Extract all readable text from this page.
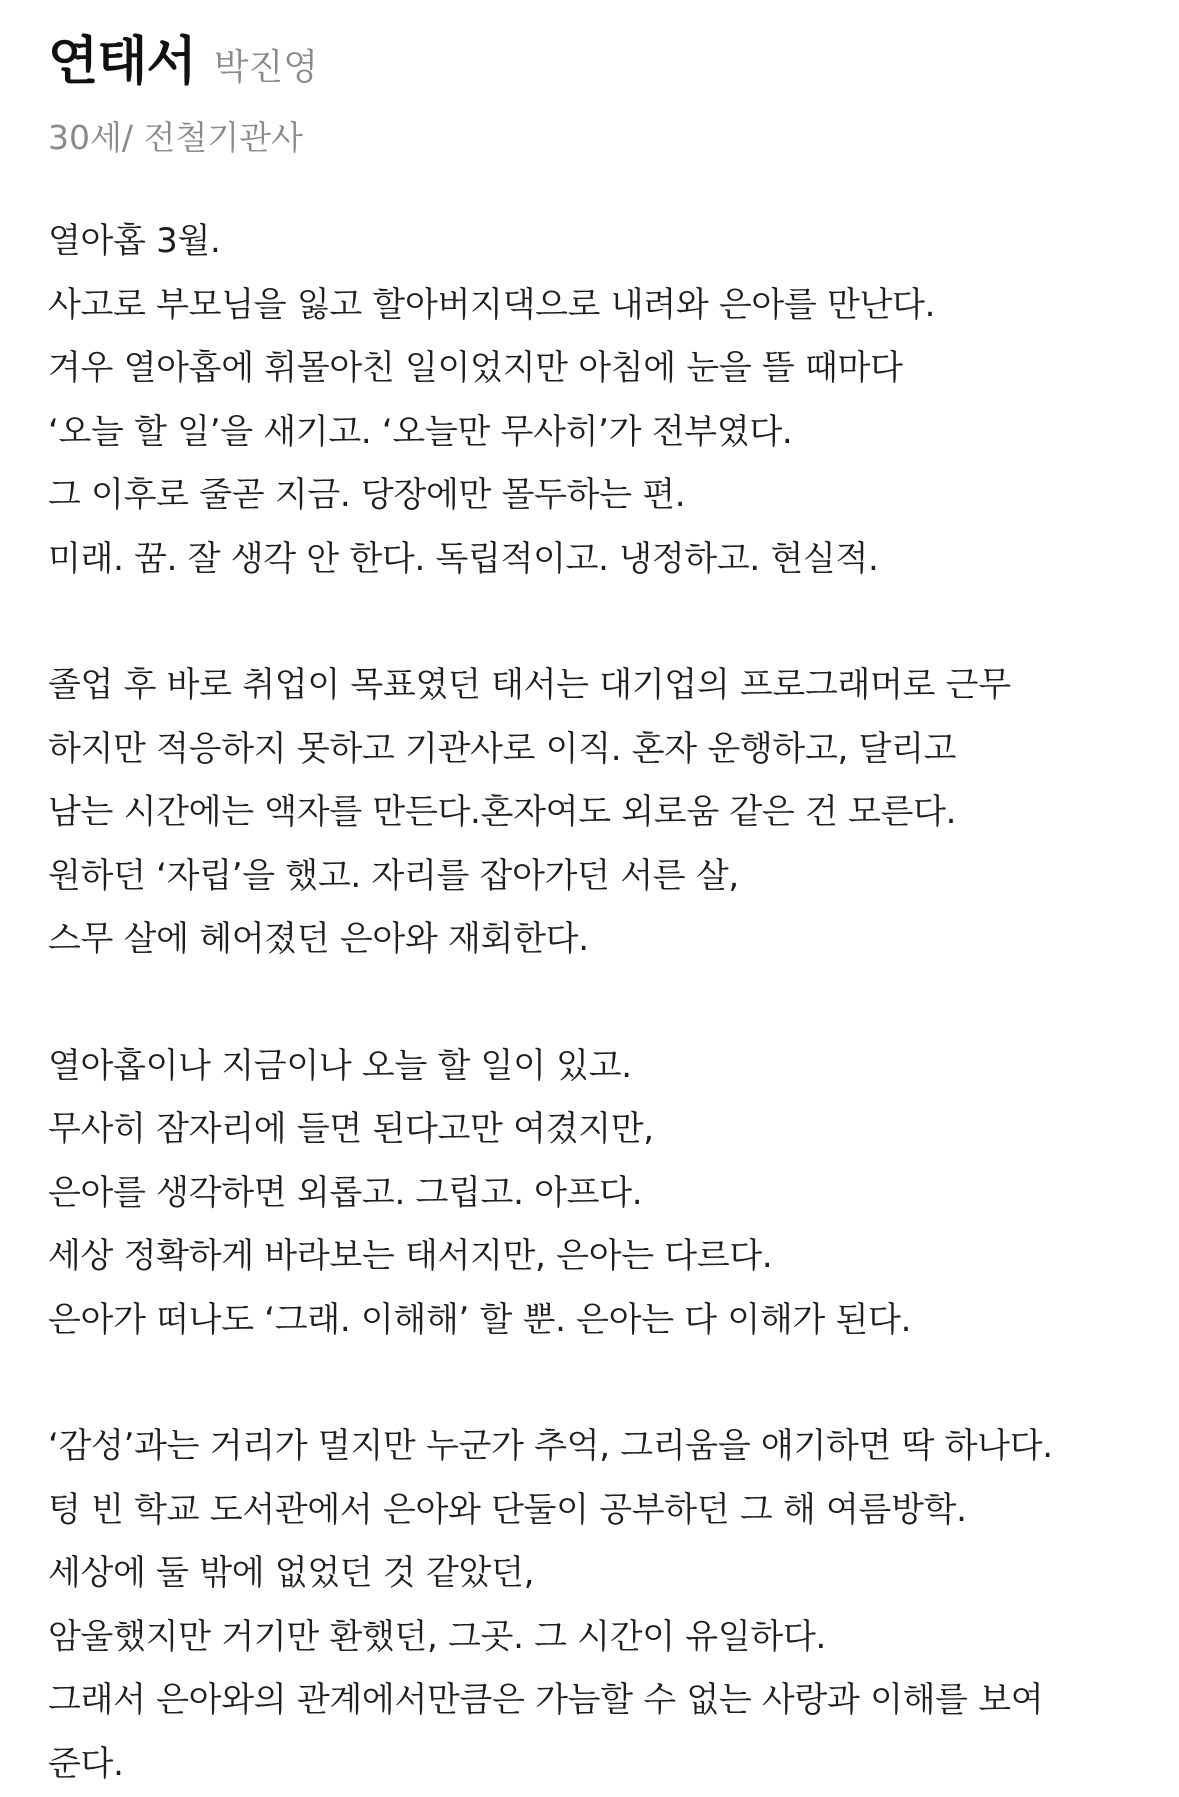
연태서 박진영
30세/ 전철기관사
열아홉 3월.
사고로 부모님을 잃고 할아버지댁으로 내려와 은아를 만난다.
겨우 열아홉에 휘몰아친 일이었지만 아침에 눈을 뜰 때마다
‘오늘 할 일’을 새기고. ‘오늘만 무사히’가 전부였다.
그 이후로 줄곧 지금. 당장에만 몰두하는 편.
미래. 꿈. 잘 생각 안 한다. 독립적이고. 냉정하고. 현실적.
졸업 후 바로 취업이 목표였던 태서는 대기업의 프로그래머로 근무
하지만 적응하지 못하고 기관사로 이직. 혼자 운행하고, 달리고
남는 시간에는 액자를 만든다.혼자여도 외로움 같은 건 모른다.
원하던 ‘자립’을 했고. 자리를 잡아가던 서른 살,
스무 살에 헤어졌던 은아와 재회한다.
열아홉이나 지금이나 오늘 할 일이 있고.
무사히 잠자리에 들면 된다고만 여겼지만,
은아를 생각하면 외롭고. 그립고. 아프다.
세상 정확하게 바라보는 태서지만, 은아는 다르다.
은아가 떠나도 ‘그래. 이해해’ 할 뿐. 은아는 다 이해가 된다.
‘감성’과는 거리가 멀지만 누군가 추억, 그리움을 얘기하면 딱 하나다.
텅 빈 학교 도서관에서 은아와 단둘이 공부하던 그 해 여름방학.
세상에 둘 밖에 없었던 것 같았던,
암울했지만 거기만 환했던, 그곳. 그 시간이 유일하다.
그래서 은아와의 관계에서만큼은 가늠할 수 없는 사랑과 이해를 보여
준다.
